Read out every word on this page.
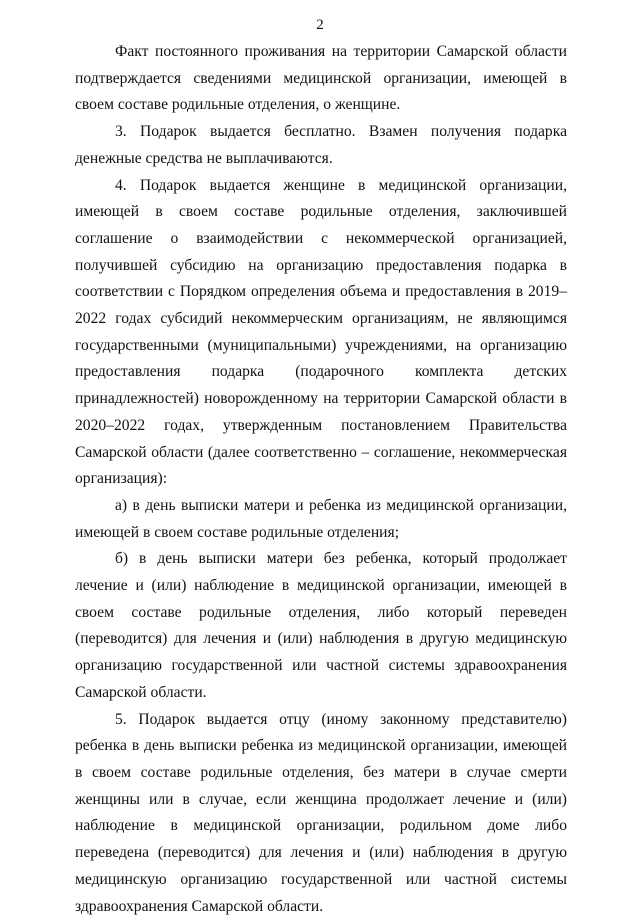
2

Факт постоянного проживания на территории Самарской области подтверждается сведениями медицинской организации, имеющей в своем составе родильные отделения, о женщине.

3. Подарок выдается бесплатно. Взамен получения подарка денежные средства не выплачиваются.

4. Подарок выдается женщине в медицинской организации, имеющей в своем составе родильные отделения, заключившей соглашение о взаимодействии с некоммерческой организацией, получившей субсидию на организацию предоставления подарка в соответствии с Порядком определения объема и предоставления в 2019–2022 годах субсидий некоммерческим организациям, не являющимся государственными (муниципальными) учреждениями, на организацию предоставления подарка (подарочного комплекта детских принадлежностей) новорожденному на территории Самарской области в 2020–2022 годах, утвержденным постановлением Правительства Самарской области (далее соответственно – соглашение, некоммерческая организация):

а) в день выписки матери и ребенка из медицинской организации, имеющей в своем составе родильные отделения;

б) в день выписки матери без ребенка, который продолжает лечение и (или) наблюдение в медицинской организации, имеющей в своем составе родильные отделения, либо который переведен (переводится) для лечения и (или) наблюдения в другую медицинскую организацию государственной или частной системы здравоохранения Самарской области.

5. Подарок выдается отцу (иному законному представителю) ребенка в день выписки ребенка из медицинской организации, имеющей в своем составе родильные отделения, без матери в случае смерти женщины или в случае, если женщина продолжает лечение и (или) наблюдение в медицинской организации, родильном доме либо переведена (переводится) для лечения и (или) наблюдения в другую медицинскую организацию государственной или частной системы здравоохранения Самарской области.
